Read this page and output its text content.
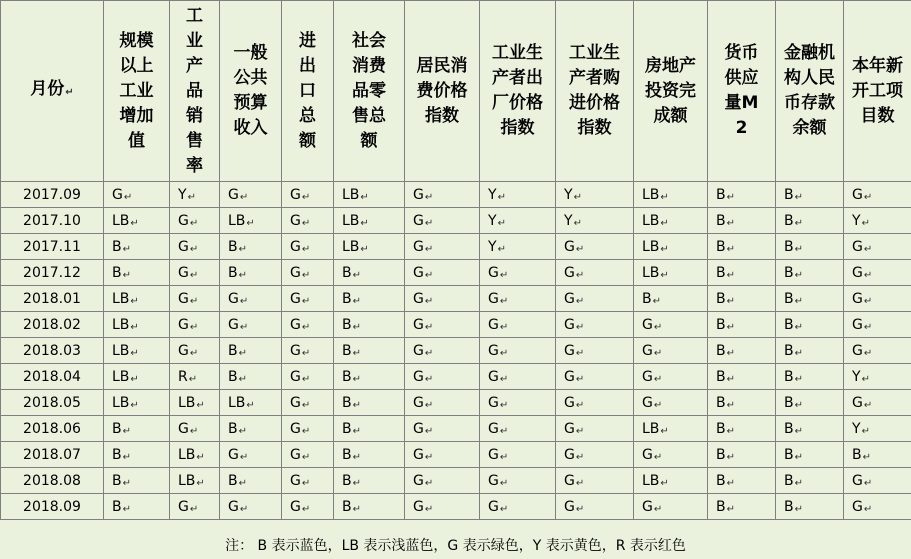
月份↵	规模以上工业增加值	工业产品销售率	一般公共预算收入	进出口总额	社会消费品零售总额	居民消费价格指数	工业生产者出厂价格指数	工业生产者购进价格指数	房地产投资完成额	货币供应量M2	金融机构人民币存款余额	本年新开工项目数
2017.09	G↵	Y↵	G↵	G↵	LB↵	G↵	Y↵	Y↵	LB↵	B↵	B↵	G↵
2017.10	LB↵	G↵	LB↵	G↵	LB↵	G↵	Y↵	Y↵	LB↵	B↵	B↵	Y↵
2017.11	B↵	G↵	B↵	G↵	LB↵	G↵	Y↵	G↵	LB↵	B↵	B↵	G↵
2017.12	B↵	G↵	B↵	G↵	B↵	G↵	G↵	G↵	LB↵	B↵	B↵	G↵
2018.01	LB↵	G↵	G↵	G↵	B↵	G↵	G↵	G↵	B↵	B↵	B↵	G↵
2018.02	LB↵	G↵	G↵	G↵	B↵	G↵	G↵	G↵	G↵	B↵	B↵	G↵
2018.03	LB↵	G↵	B↵	G↵	B↵	G↵	G↵	G↵	G↵	B↵	B↵	G↵
2018.04	LB↵	R↵	B↵	G↵	B↵	G↵	G↵	G↵	G↵	B↵	B↵	Y↵
2018.05	LB↵	LB↵	LB↵	G↵	B↵	G↵	G↵	G↵	G↵	B↵	B↵	G↵
2018.06	B↵	G↵	B↵	G↵	B↵	G↵	G↵	G↵	LB↵	B↵	B↵	Y↵
2018.07	B↵	LB↵	G↵	G↵	B↵	G↵	G↵	G↵	G↵	B↵	B↵	B↵
2018.08	B↵	LB↵	B↵	G↵	B↵	G↵	G↵	G↵	LB↵	B↵	B↵	G↵
2018.09	B↵	G↵	G↵	G↵	B↵	G↵	G↵	G↵	G↵	B↵	B↵	G↵
注： B 表示蓝色，LB 表示浅蓝色，G 表示绿色，Y 表示黄色，R 表示红色
